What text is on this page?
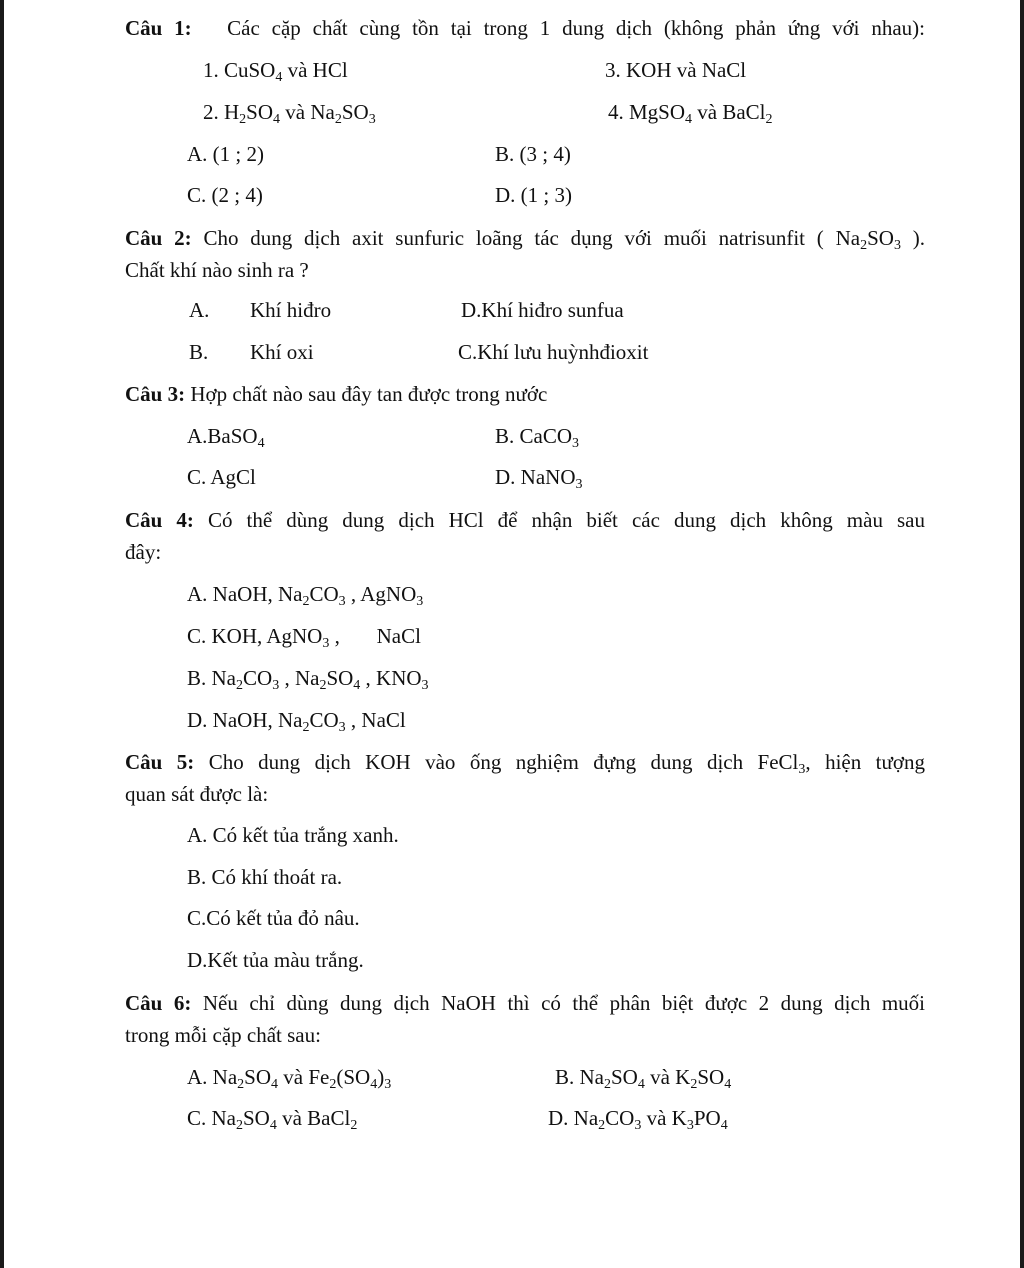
Câu 1: Các cặp chất cùng tồn tại trong 1 dung dịch (không phản ứng với nhau):
1. CuSO$_4$ và HCl	3. KOH và NaCl
2. $H_2SO_4$ và $Na_2SO_3$	4. MgSO$_4$ và BaCl$_2$
A. (1 ; 2)	B. (3 ; 4)
C. (2 ; 4)	D. (1 ; 3)
Câu 2: Cho dung dịch axit sunfuric loãng tác dụng với muối natrisunfit ( $Na_2SO_3$ ).
Chất khí nào sinh ra ?
A. Khí hiđro	D.Khí hiđro sunfua
B. Khí oxi	C.Khí lưu huỳnhđioxit
Câu 3: Hợp chất nào sau đây tan được trong nước
A.BaSO$_4$	B. CaCO$_3$
C. AgCl	D. NaNO$_3$
Câu 4: Có thể dùng dung dịch HCl để nhận biết các dung dịch không màu sau
đây:
A. NaOH, $Na_2CO_3$ , AgNO$_3$
C. KOH, AgNO$_3$ ,       NaCl
B. $Na_2CO_3$ , $Na_2SO_4$ , $KNO_3$
D. NaOH, $Na_2CO_3$ , NaCl
Câu 5: Cho dung dịch KOH vào ống nghiệm đựng dung dịch FeCl$_3$, hiện tượng
quan sát được là:
A. Có kết tủa trắng xanh.
B. Có khí thoát ra.
C.Có kết tủa đỏ nâu.
D.Kết tủa màu trắng.
Câu 6: Nếu chỉ dùng dung dịch NaOH thì có thể phân biệt được 2 dung dịch muối
trong mỗi cặp chất sau:
A. $Na_2SO_4$ và $Fe_2(SO_4)_3$	B. $Na_2SO_4$ và $K_2SO_4$
C. $Na_2SO_4$ và BaCl$_2$	D. $Na_2CO_3$ và $K_3PO_4$
